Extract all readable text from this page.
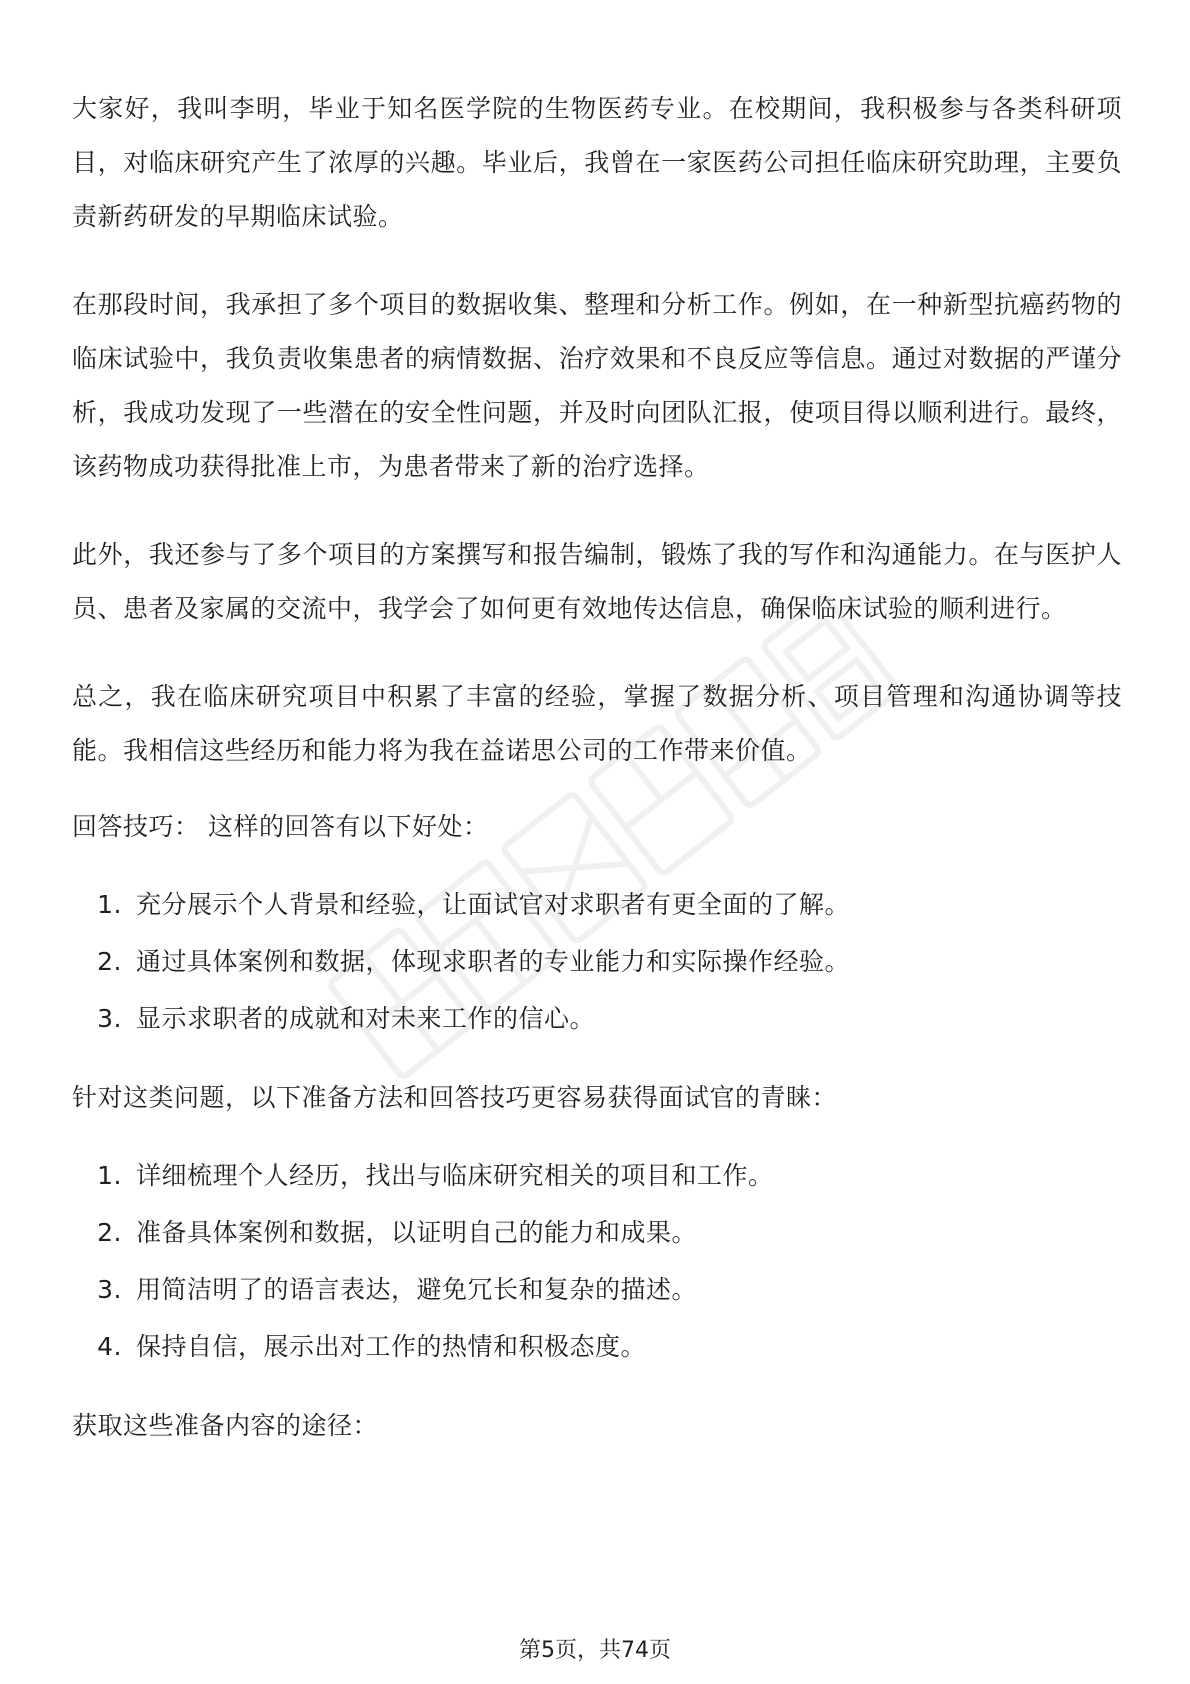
大家好，我叫李明，毕业于知名医学院的生物医药专业。在校期间，我积极参与各类科研项目，对临床研究产生了浓厚的兴趣。毕业后，我曾在一家医药公司担任临床研究助理，主要负责新药研发的早期临床试验。

在那段时间，我承担了多个项目的数据收集、整理和分析工作。例如，在一种新型抗癌药物的临床试验中，我负责收集患者的病情数据、治疗效果和不良反应等信息。通过对数据的严谨分析，我成功发现了一些潜在的安全性问题，并及时向团队汇报，使项目得以顺利进行。最终，该药物成功获得批准上市，为患者带来了新的治疗选择。

此外，我还参与了多个项目的方案撰写和报告编制，锻炼了我的写作和沟通能力。在与医护人员、患者及家属的交流中，我学会了如何更有效地传达信息，确保临床试验的顺利进行。

总之，我在临床研究项目中积累了丰富的经验，掌握了数据分析、项目管理和沟通协调等技能。我相信这些经历和能力将为我在益诺思公司的工作带来价值。

回答技巧： 这样的回答有以下好处：

1. 充分展示个人背景和经验，让面试官对求职者有更全面的了解。
2. 通过具体案例和数据，体现求职者的专业能力和实际操作经验。
3. 显示求职者的成就和对未来工作的信心。

针对这类问题，以下准备方法和回答技巧更容易获得面试官的青睐：

1. 详细梳理个人经历，找出与临床研究相关的项目和工作。
2. 准备具体案例和数据，以证明自己的能力和成果。
3. 用简洁明了的语言表达，避免冗长和复杂的描述。
4. 保持自信，展示出对工作的热情和积极态度。

获取这些准备内容的途径：

第5页，共74页
